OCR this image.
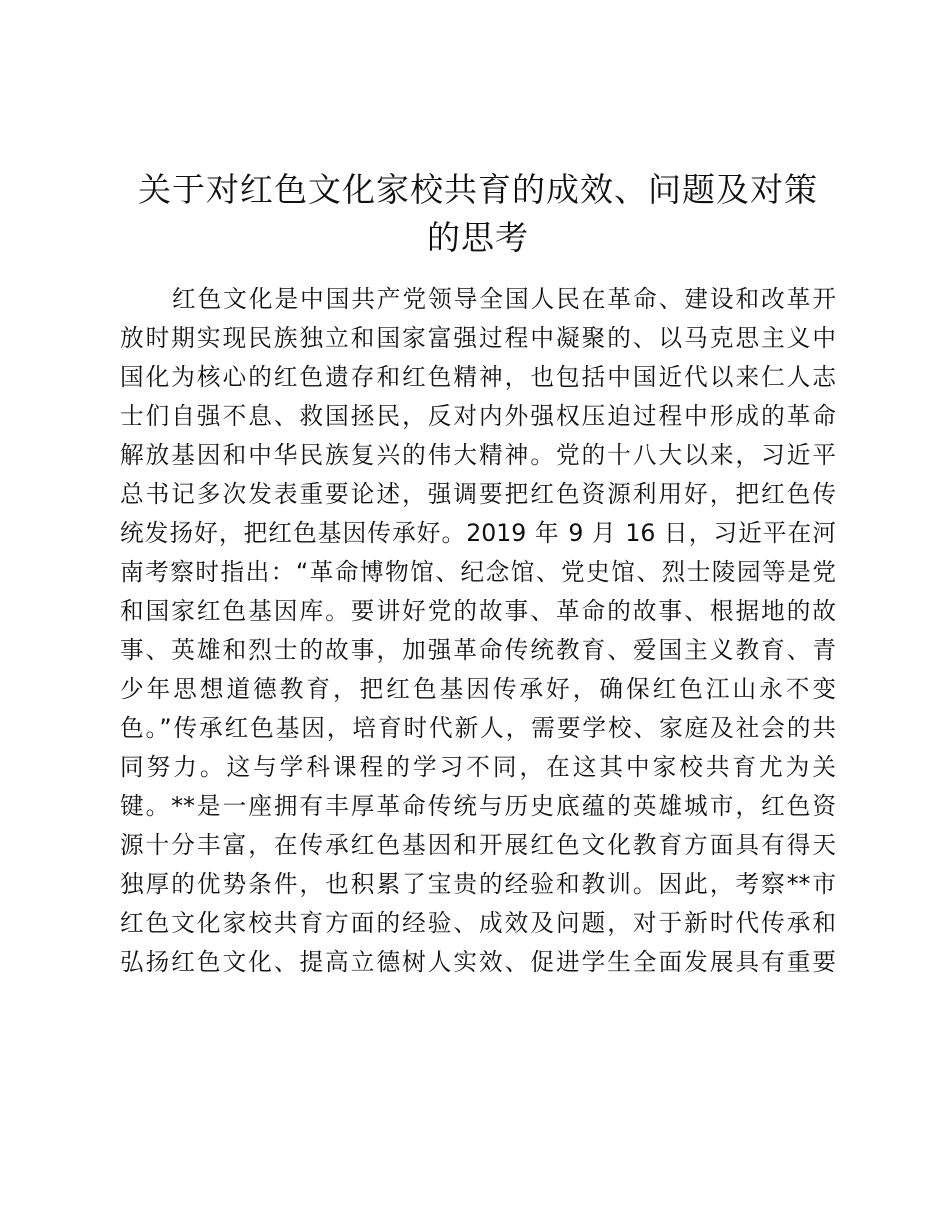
关于对红色文化家校共育的成效、问题及对策
的思考
红色文化是中国共产党领导全国人民在革命、建设和改革开
放时期实现民族独立和国家富强过程中凝聚的、以马克思主义中
国化为核心的红色遗存和红色精神，也包括中国近代以来仁人志
士们自强不息、救国拯民，反对内外强权压迫过程中形成的革命
解放基因和中华民族复兴的伟大精神。党的十八大以来，习近平
总书记多次发表重要论述，强调要把红色资源利用好，把红色传
统发扬好，把红色基因传承好。2019 年 9 月 16 日，习近平在河
南考察时指出：“革命博物馆、纪念馆、党史馆、烈士陵园等是党
和国家红色基因库。要讲好党的故事、革命的故事、根据地的故
事、英雄和烈士的故事，加强革命传统教育、爱国主义教育、青
少年思想道德教育，把红色基因传承好，确保红色江山永不变
色。”传承红色基因，培育时代新人，需要学校、家庭及社会的共
同努力。这与学科课程的学习不同，在这其中家校共育尤为关
键。**是一座拥有丰厚革命传统与历史底蕴的英雄城市，红色资
源十分丰富，在传承红色基因和开展红色文化教育方面具有得天
独厚的优势条件，也积累了宝贵的经验和教训。因此，考察**市
红色文化家校共育方面的经验、成效及问题，对于新时代传承和
弘扬红色文化、提高立德树人实效、促进学生全面发展具有重要
